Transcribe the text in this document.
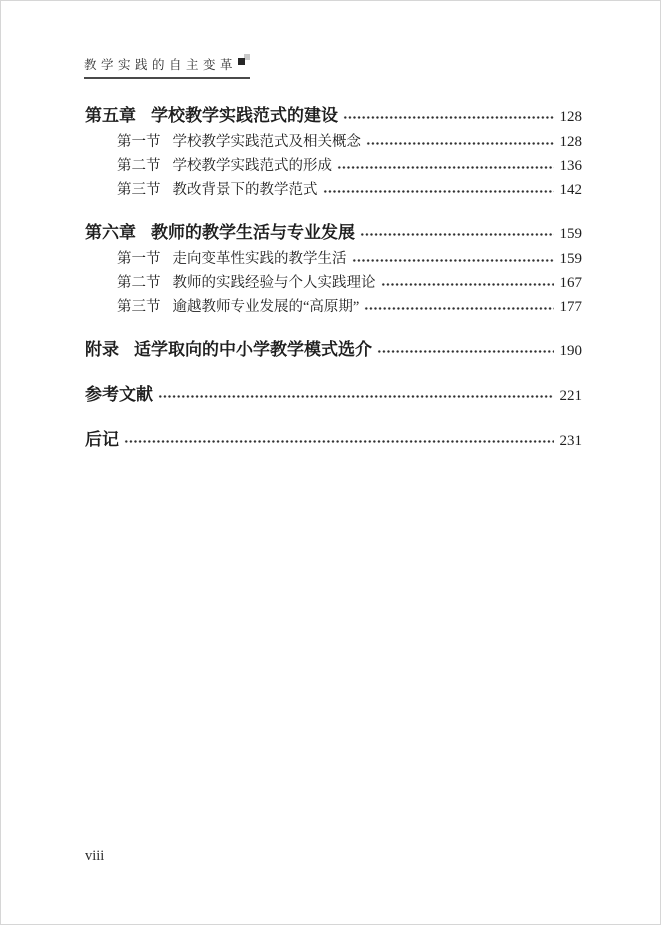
教学实践的自主变革
第五章 学校教学实践范式的建设	128
第一节 学校教学实践范式及相关概念	128
第二节 学校教学实践范式的形成	136
第三节 教改背景下的教学范式	142
第六章 教师的教学生活与专业发展	159
第一节 走向变革性实践的教学生活	159
第二节 教师的实践经验与个人实践理论	167
第三节 逾越教师专业发展的“高原期”	177
附录 适学取向的中小学教学模式选介	190
参考文献	221
后记	231
viii
